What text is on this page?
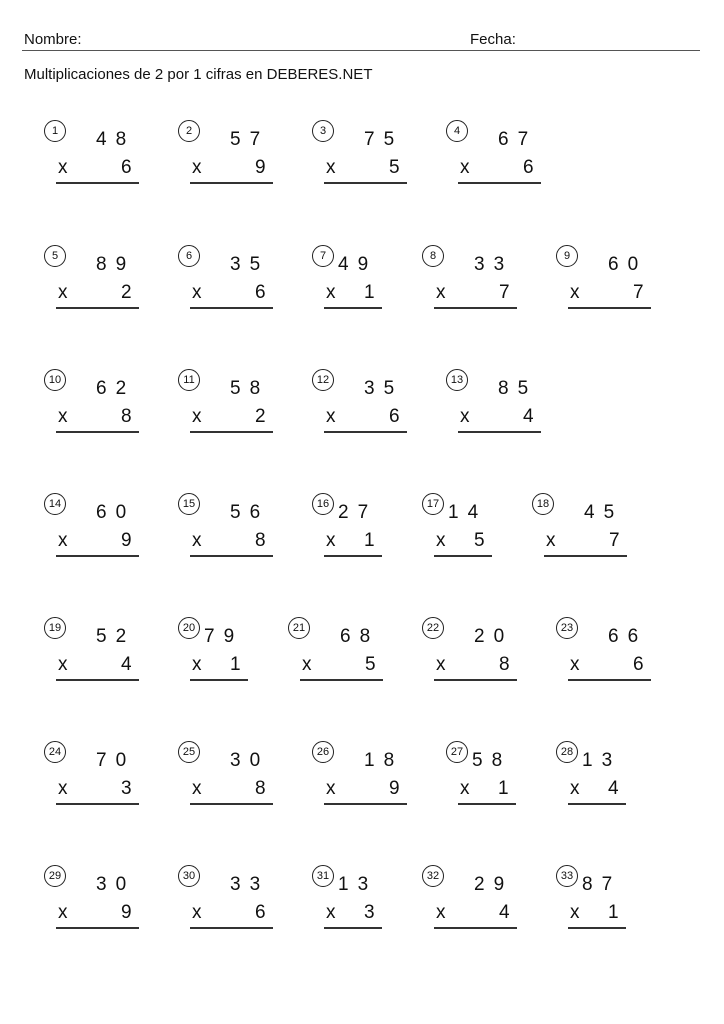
Nombre:	Fecha:
Multiplicaciones de 2 por 1 cifras en DEBERES.NET
1	48
x	6
2	57
x	9
3	75
x	5
4	67
x	6
5	89
x	2
6	35
x	6
7 49
x 1
8	33
x	7
9	60
x	7
10 62
x	8
11 58
x	2
12 35
x	6
13 85
x	4
14 60
x	9
15 56
x	8
16 27
x 1
17 14
x 5
18 45
x	7
19 52
x	4
20 79
x 1
21 68
x	5
22 20
x	8
23 66
x	6
24 70
x	3
25 30
x	8
26 18
x	9
27 58
x 1
28 13
x 4
29 30
x	9
30 33
x	6
31 13
x 3
32 29
x	4
33 87
x 1
